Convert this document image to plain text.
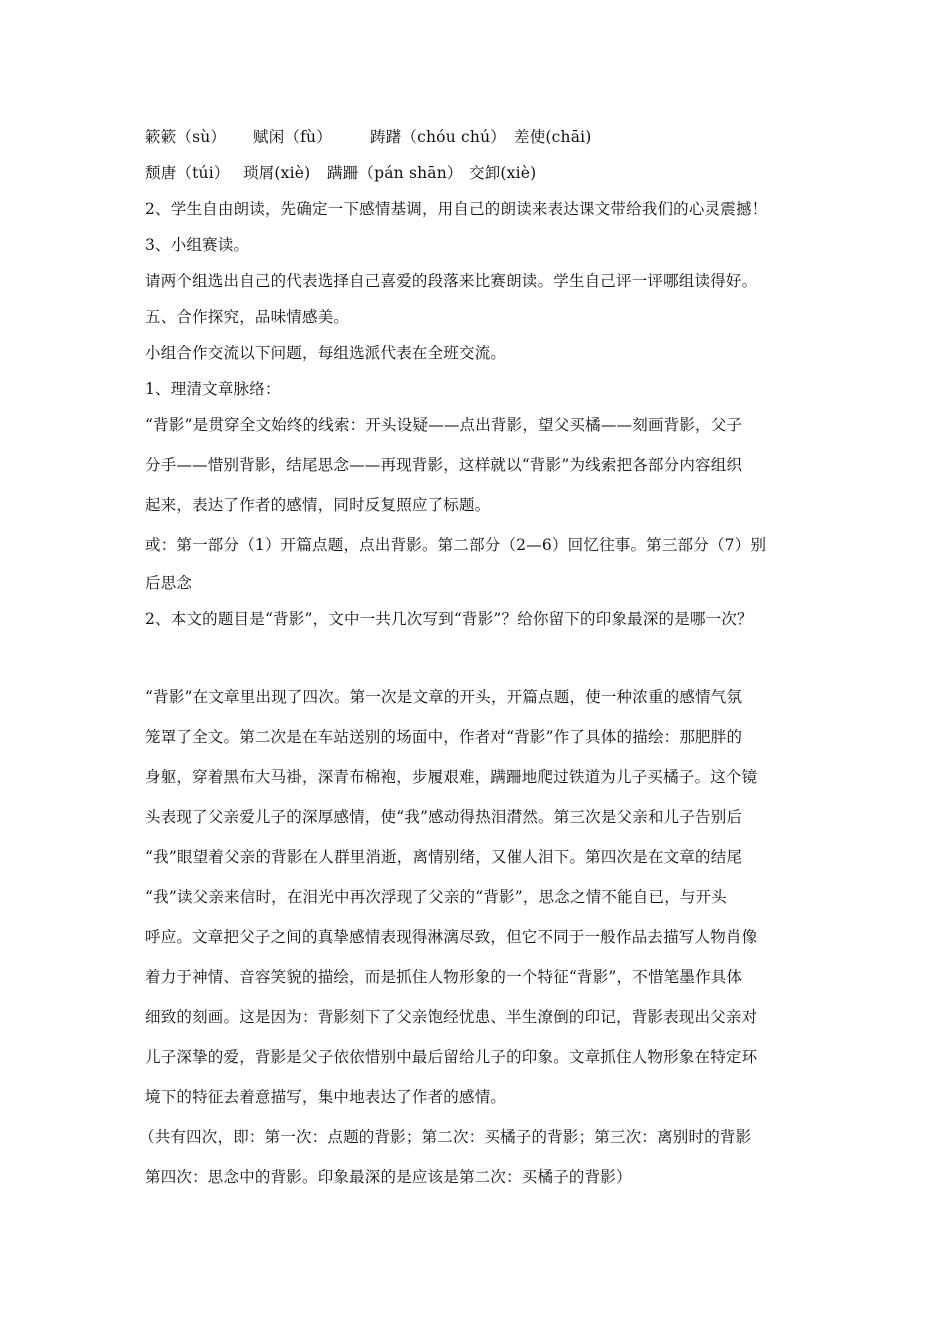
簌簌（sù） 赋闲（fù） 踌躇（chóu chú） 差使(chāi)
颓唐（túi） 琐屑(xiè) 蹒跚（pán shān） 交卸(xiè)
2、学生自由朗读，先确定一下感情基调，用自己的朗读来表达课文带给我们的心灵震撼！
3、小组赛读。
请两个组选出自己的代表选择自己喜爱的段落来比赛朗读。学生自己评一评哪组读得好。
五、合作探究，品味情感美。
小组合作交流以下问题，每组选派代表在全班交流。
1、理清文章脉络：
“背影”是贯穿全文始终的线索：开头设疑——点出背影，望父买橘——刻画背影，父子
分手——惜别背影，结尾思念——再现背影，这样就以“背影”为线索把各部分内容组织
起来，表达了作者的感情，同时反复照应了标题。
或：第一部分（1）开篇点题，点出背影。第二部分（2—6）回忆往事。第三部分（7）别
后思念
2、本文的题目是“背影”，文中一共几次写到“背影”？给你留下的印象最深的是哪一次？
“背影”在文章里出现了四次。第一次是文章的开头，开篇点题，使一种浓重的感情气氛
笼罩了全文。第二次是在车站送别的场面中，作者对“背影”作了具体的描绘：那肥胖的
身躯，穿着黑布大马褂，深青布棉袍，步履艰难，蹒跚地爬过铁道为儿子买橘子。这个镜
头表现了父亲爱儿子的深厚感情，使“我”感动得热泪潸然。第三次是父亲和儿子告别后
“我”眼望着父亲的背影在人群里消逝，离情别绪，又催人泪下。第四次是在文章的结尾
“我”读父亲来信时，在泪光中再次浮现了父亲的“背影”，思念之情不能自已，与开头
呼应。文章把父子之间的真挚感情表现得淋漓尽致，但它不同于一般作品去描写人物肖像
着力于神情、音容笑貌的描绘，而是抓住人物形象的一个特征“背影”，不惜笔墨作具体
细致的刻画。这是因为：背影刻下了父亲饱经忧患、半生潦倒的印记，背影表现出父亲对
儿子深挚的爱，背影是父子依依惜别中最后留给儿子的印象。文章抓住人物形象在特定环
境下的特征去着意描写，集中地表达了作者的感情。
（共有四次，即：第一次：点题的背影；第二次：买橘子的背影；第三次：离别时的背影
第四次：思念中的背影。印象最深的是应该是第二次：买橘子的背影）
